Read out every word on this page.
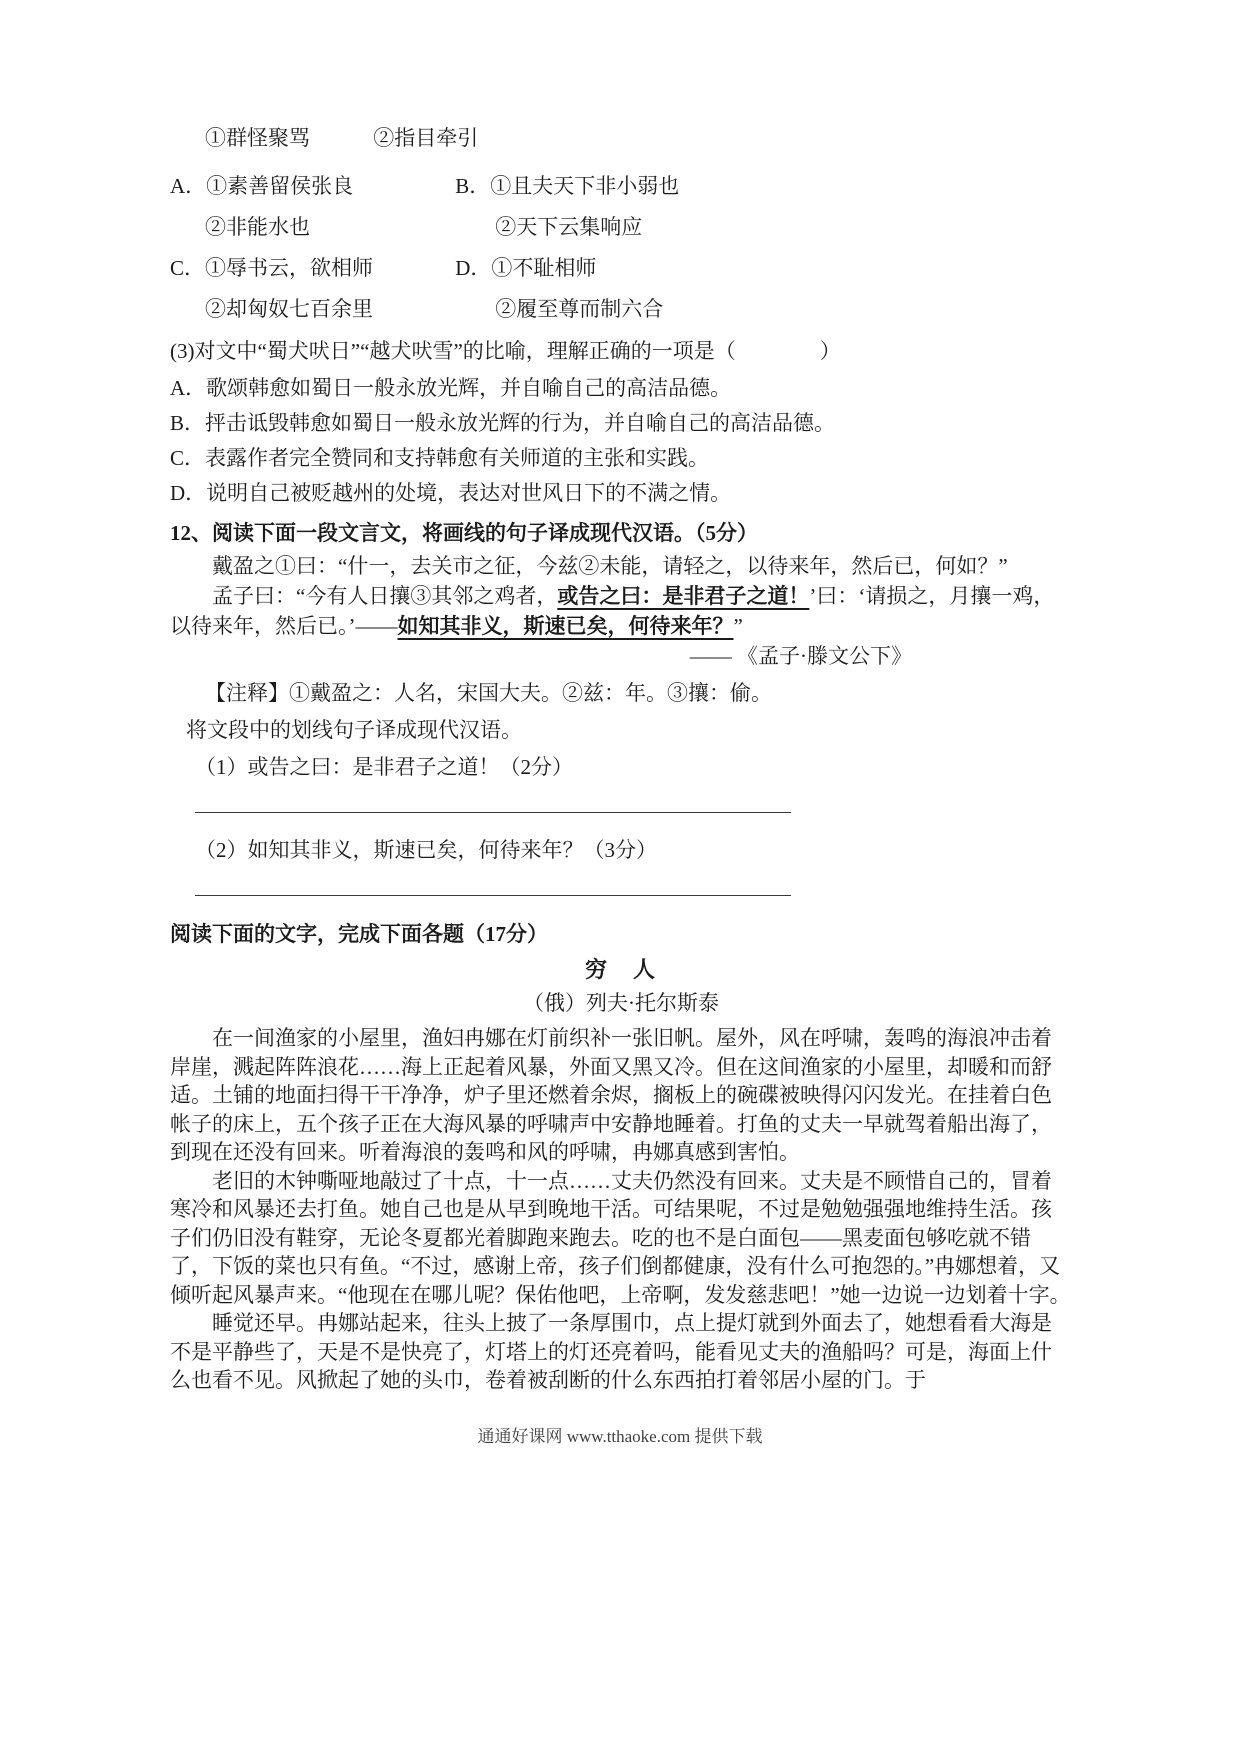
①群怪聚骂	②指目牵引
A．①素善留侯张良	B．①且夫天下非小弱也
②非能水也	②天下云集响应
C．①辱书云，欲相师	D．①不耻相师
②却匈奴七百余里	②履至尊而制六合

(3)对文中“蜀犬吠日”“越犬吠雪”的比喻，理解正确的一项是（　　　　）

A．歌颂韩愈如蜀日一般永放光辉，并自喻自己的高洁品德。

B．抨击诋毁韩愈如蜀日一般永放光辉的行为，并自喻自己的高洁品德。

C．表露作者完全赞同和支持韩愈有关师道的主张和实践。

D．说明自己被贬越州的处境，表达对世风日下的不满之情。

12、阅读下面一段文言文，将画线的句子译成现代汉语。（5分）

戴盈之①曰：“什一，去关市之征，今兹②未能，请轻之，以待来年，然后已，何如？”

孟子曰：“今有人日攘③其邻之鸡者，或告之曰：是非君子之道！’曰：‘请损之，月攘一鸡，以待来年，然后已。’——如知其非义，斯速已矣，何待来年？”

—— 《孟子·滕文公下》

【注释】①戴盈之：人名，宋国大夫。②兹：年。③攘：偷。

将文段中的划线句子译成现代汉语。

（1）或告之曰：是非君子之道！（2分）

（2）如知其非义，斯速已矣，何待来年？（3分）

阅读下面的文字，完成下面各题（17分）

穷　人

（俄）列夫·托尔斯泰

在一间渔家的小屋里，渔妇冉娜在灯前织补一张旧帆。屋外，风在呼啸，轰鸣的海浪冲击着岸崖，溅起阵阵浪花……海上正起着风暴，外面又黑又冷。但在这间渔家的小屋里，却暖和而舒适。土铺的地面扫得干干净净，炉子里还燃着余烬，搁板上的碗碟被映得闪闪发光。在挂着白色帐子的床上，五个孩子正在大海风暴的呼啸声中安静地睡着。打鱼的丈夫一早就驾着船出海了，到现在还没有回来。听着海浪的轰鸣和风的呼啸，冉娜真感到害怕。

老旧的木钟嘶哑地敲过了十点，十一点……丈夫仍然没有回来。丈夫是不顾惜自己的，冒着寒冷和风暴还去打鱼。她自己也是从早到晚地干活。可结果呢，不过是勉勉强强地维持生活。孩子们仍旧没有鞋穿，无论冬夏都光着脚跑来跑去。吃的也不是白面包——黑麦面包够吃就不错了，下饭的菜也只有鱼。“不过，感谢上帝，孩子们倒都健康，没有什么可抱怨的。”冉娜想着，又倾听起风暴声来。“他现在在哪儿呢？保佑他吧，上帝啊，发发慈悲吧！”她一边说一边划着十字。

睡觉还早。冉娜站起来，往头上披了一条厚围巾，点上提灯就到外面去了，她想看看大海是不是平静些了，天是不是快亮了，灯塔上的灯还亮着吗，能看见丈夫的渔船吗？可是，海面上什么也看不见。风掀起了她的头巾，卷着被刮断的什么东西拍打着邻居小屋的门。于

通通好课网 www.tthaoke.com 提供下载
